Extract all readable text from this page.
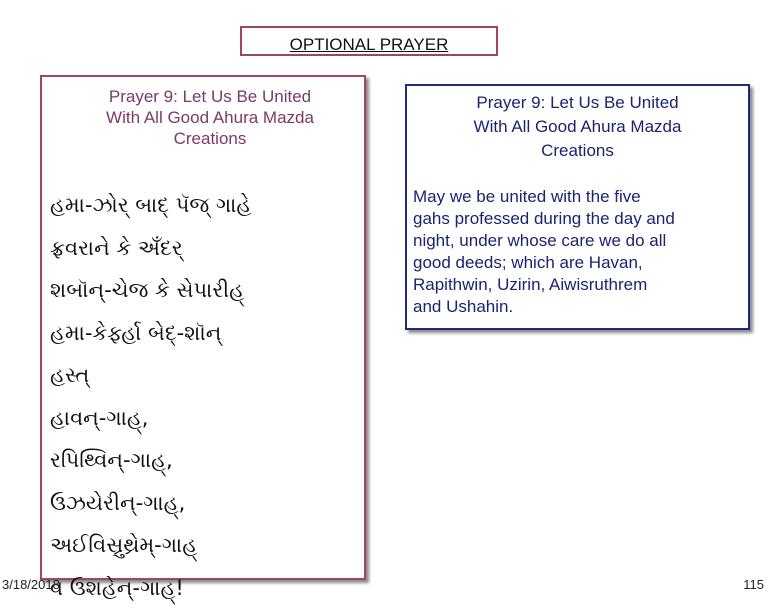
OPTIONAL PRAYER
Prayer 9: Let Us Be United
With All Good Ahura Mazda
Creations
હમા-ઝોર્ બાદ્ પૅજ્ ગાહે
ફ્રવરાને કે અઁદર્
શબૉન્-ચેજ કે સેપારીહ્
હમા-કેર્ફ્હા બેદ્-શૉન્
હસ્ત્
હાવન્-ગાહ્,
રપિથ્વિન્-ગાહ્,
ઉઝયેરીન્-ગાહ્,
અઈવિસ્રુથ્રેમ્-ગાહ્
વ ઉશહેન્-ગાહ્!
Prayer 9: Let Us Be United
With All Good Ahura Mazda
Creations
May we be united with the five
gahs professed during the day and
night, under whose care we do all
good deeds; which are Havan,
Rapithwin, Uzirin, Aiwisruthrem
and Ushahin.
3/18/2018	115
